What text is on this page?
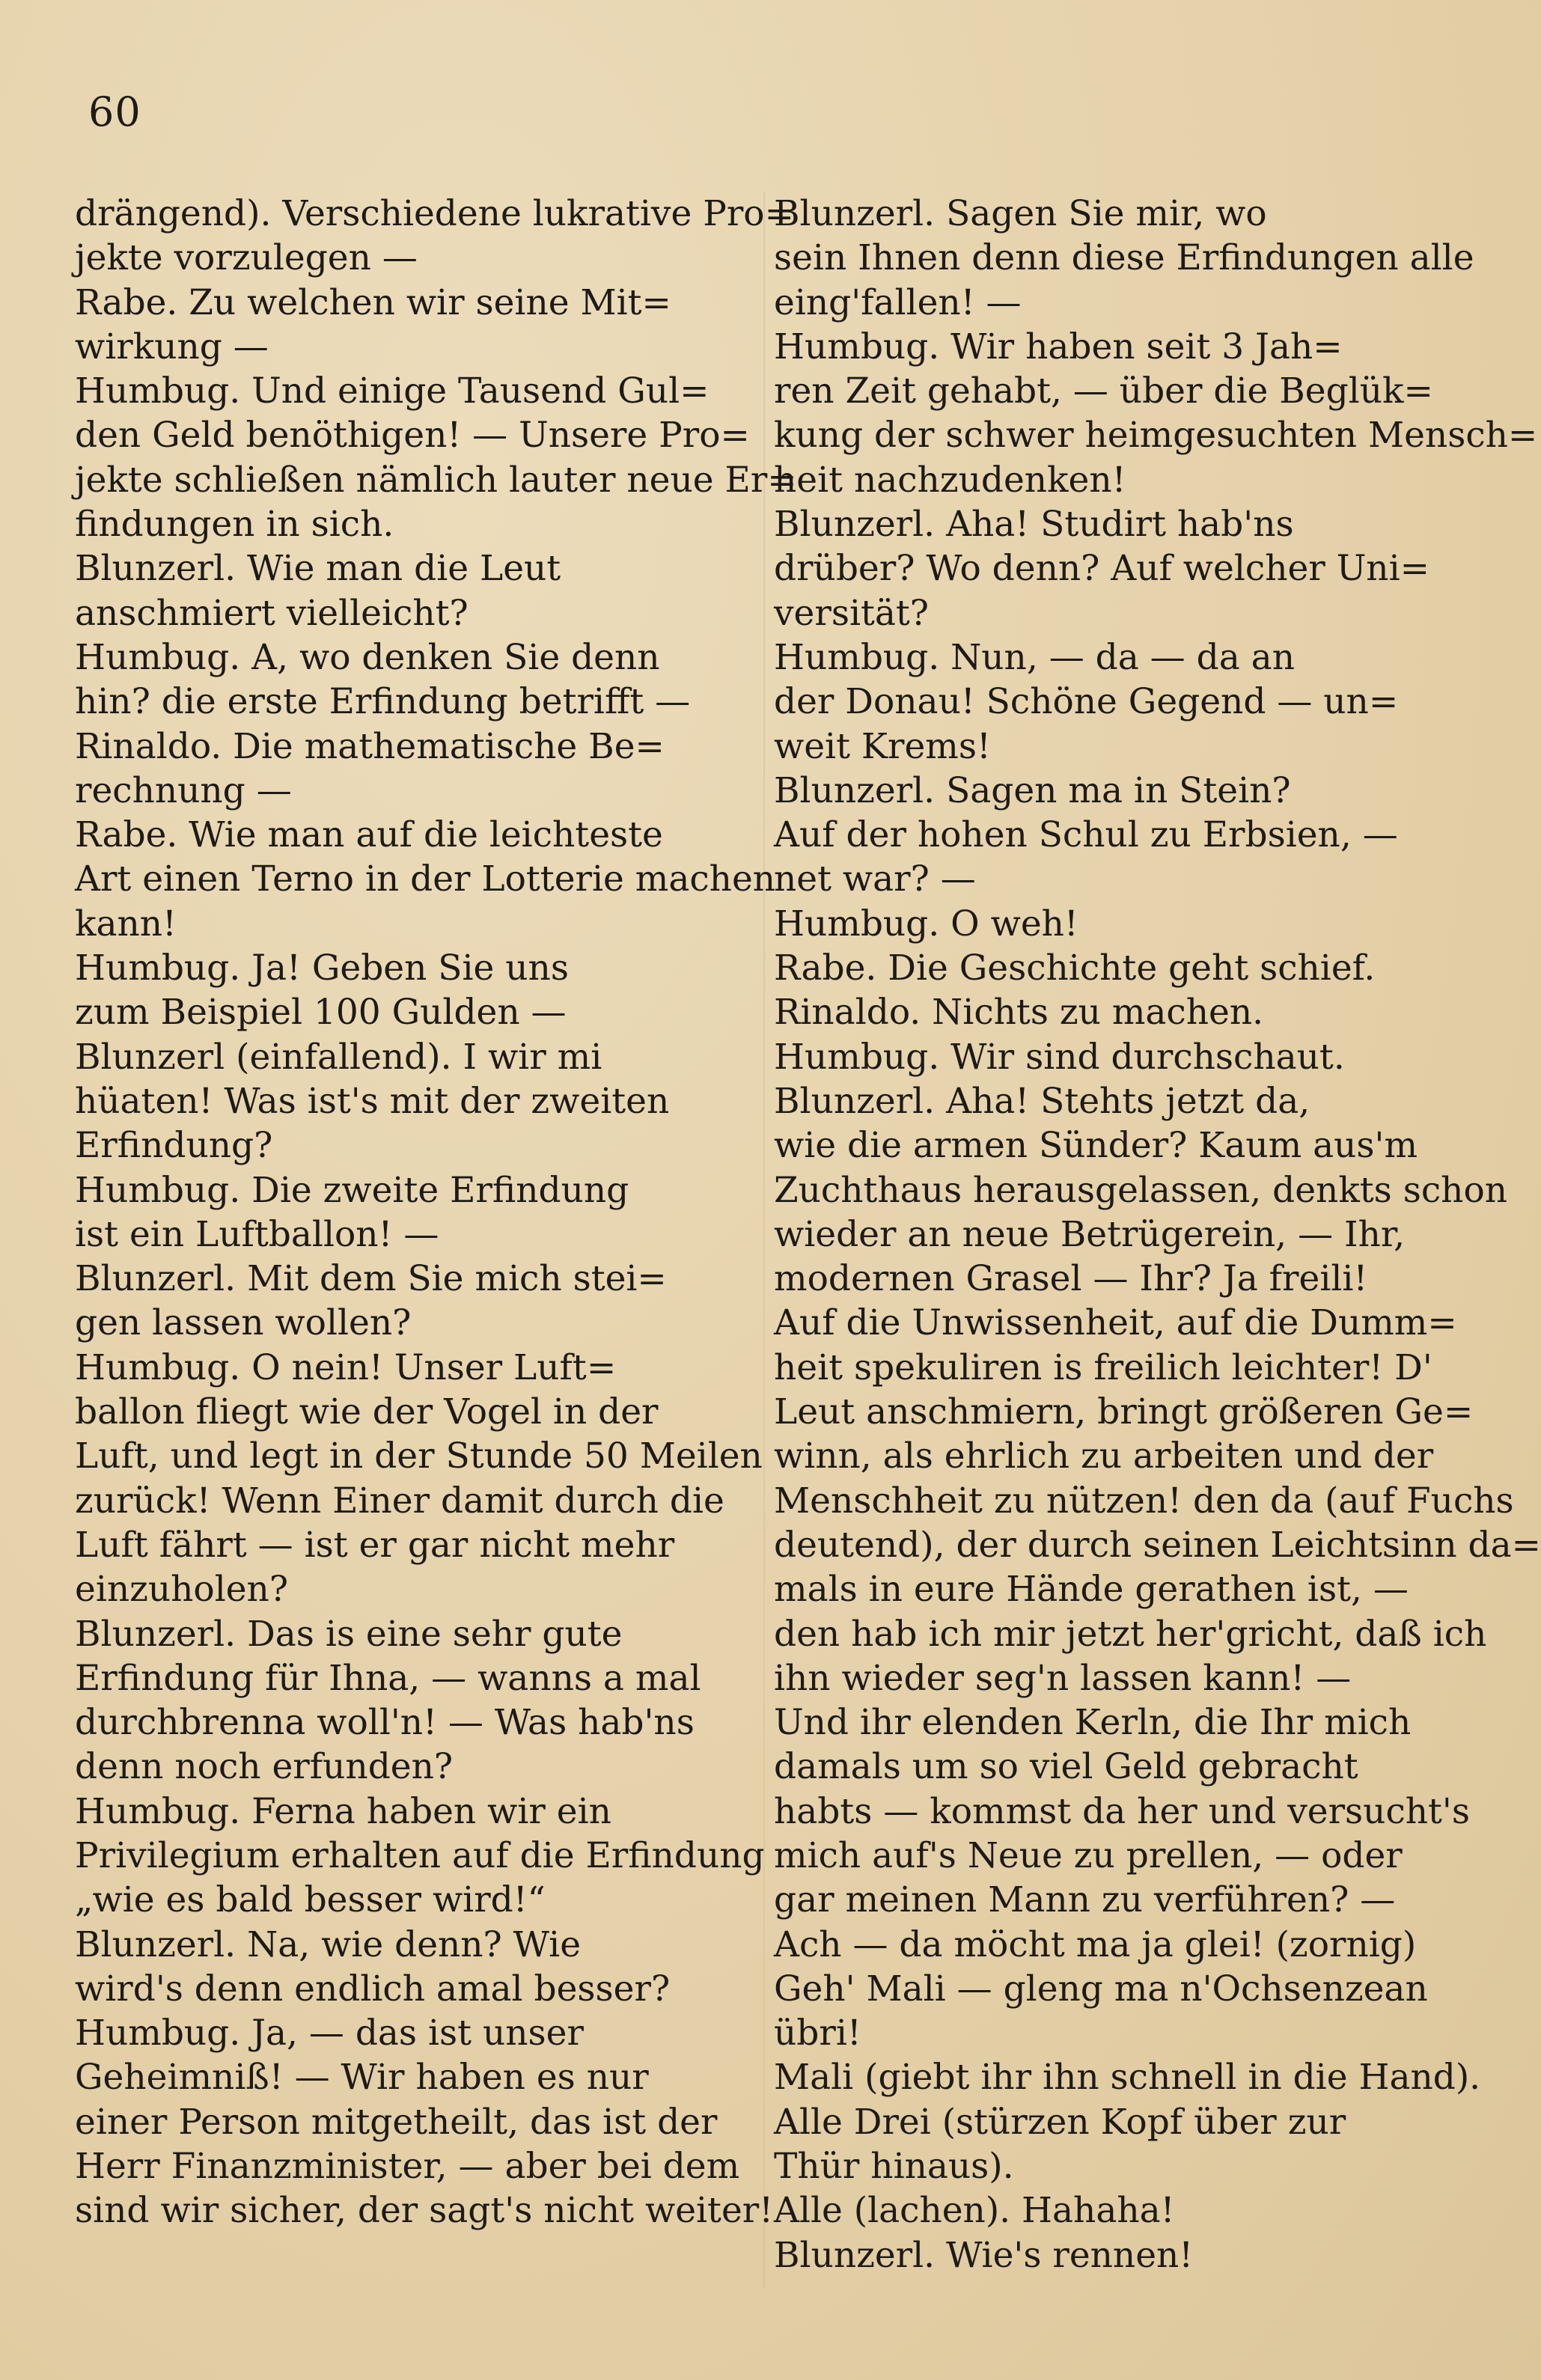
60
drängend). Verschiedene lukrative Pro=
jekte vorzulegen —
Rabe. Zu welchen wir seine Mit=
wirkung —
Humbug. Und einige Tausend Gul=
den Geld benöthigen! — Unsere Pro=
jekte schließen nämlich lauter neue Er=
findungen in sich.
Blunzerl. Wie man die Leut
anschmiert vielleicht?
Humbug. A, wo denken Sie denn
hin? die erste Erfindung betrifft —
Rinaldo. Die mathematische Be=
rechnung —
Rabe. Wie man auf die leichteste
Art einen Terno in der Lotterie machen
kann!
Humbug. Ja! Geben Sie uns
zum Beispiel 100 Gulden —
Blunzerl (einfallend). I wir mi
hüaten! Was ist's mit der zweiten
Erfindung?
Humbug. Die zweite Erfindung
ist ein Luftballon! —
Blunzerl. Mit dem Sie mich stei=
gen lassen wollen?
Humbug. O nein! Unser Luft=
ballon fliegt wie der Vogel in der
Luft, und legt in der Stunde 50 Meilen
zurück! Wenn Einer damit durch die
Luft fährt — ist er gar nicht mehr
einzuholen?
Blunzerl. Das is eine sehr gute
Erfindung für Ihna, — wanns a mal
durchbrenna woll'n! — Was hab'ns
denn noch erfunden?
Humbug. Ferna haben wir ein
Privilegium erhalten auf die Erfindung
„wie es bald besser wird!“
Blunzerl. Na, wie denn? Wie
wird's denn endlich amal besser?
Humbug. Ja, — das ist unser
Geheimniß! — Wir haben es nur
einer Person mitgetheilt, das ist der
Herr Finanzminister, — aber bei dem
sind wir sicher, der sagt's nicht weiter!
Blunzerl. Sagen Sie mir, wo
sein Ihnen denn diese Erfindungen alle
eing'fallen! —
Humbug. Wir haben seit 3 Jah=
ren Zeit gehabt, — über die Beglük=
kung der schwer heimgesuchten Mensch=
heit nachzudenken!
Blunzerl. Aha! Studirt hab'ns
drüber? Wo denn? Auf welcher Uni=
versität?
Humbug. Nun, — da — da an
der Donau! Schöne Gegend — un=
weit Krems!
Blunzerl. Sagen ma in Stein?
Auf der hohen Schul zu Erbsien, —
net war? —
Humbug. O weh!
Rabe. Die Geschichte geht schief.
Rinaldo. Nichts zu machen.
Humbug. Wir sind durchschaut.
Blunzerl. Aha! Stehts jetzt da,
wie die armen Sünder? Kaum aus'm
Zuchthaus herausgelassen, denkts schon
wieder an neue Betrügerein, — Ihr,
modernen Grasel — Ihr? Ja freili!
Auf die Unwissenheit, auf die Dumm=
heit spekuliren is freilich leichter! D'
Leut anschmiern, bringt größeren Ge=
winn, als ehrlich zu arbeiten und der
Menschheit zu nützen! den da (auf Fuchs
deutend), der durch seinen Leichtsinn da=
mals in eure Hände gerathen ist, —
den hab ich mir jetzt her'gricht, daß ich
ihn wieder seg'n lassen kann! —
Und ihr elenden Kerln, die Ihr mich
damals um so viel Geld gebracht
habts — kommst da her und versucht's
mich auf's Neue zu prellen, — oder
gar meinen Mann zu verführen? —
Ach — da möcht ma ja glei! (zornig)
Geh' Mali — gleng ma n'Ochsenzean
übri!
Mali (giebt ihr ihn schnell in die Hand).
Alle Drei (stürzen Kopf über zur
Thür hinaus).
Alle (lachen). Hahaha!
Blunzerl. Wie's rennen!
